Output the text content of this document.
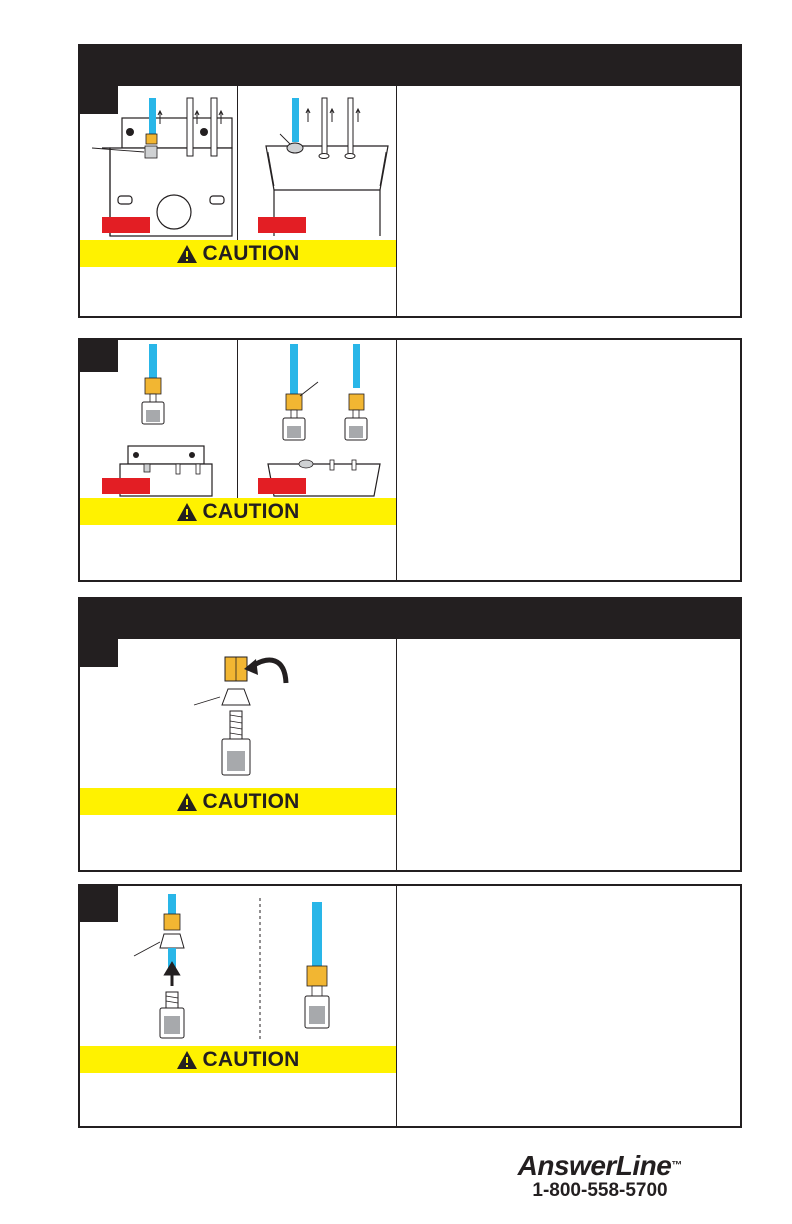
CAUTION
CAUTION
CAUTION
CAUTION
AnswerLine™
1-800-558-5700
